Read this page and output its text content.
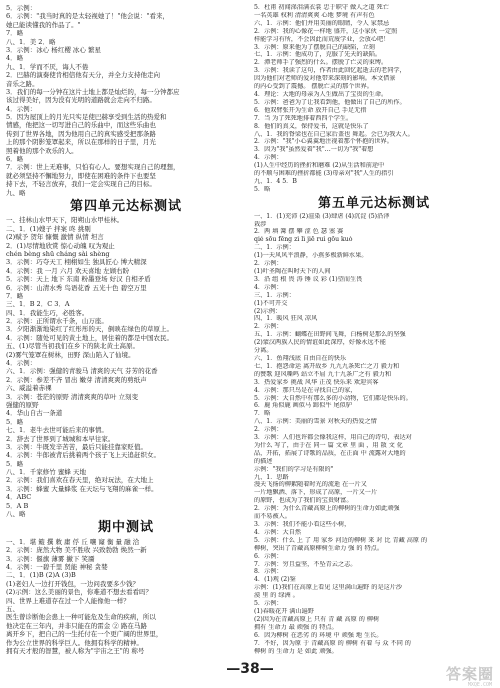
5．示例：
6．示例："我当时真的是太轻视她了！"他会说："看来，
她已能读懂我的作品了。"
7．略
八、1．美 2．略
3．示例：冰心 杨红樱 冰心 繁星
4．略
九、1．学而不厌，诲人不倦
2．巴赫的演奏使肯相信他有天分，并全力支持他走向
音乐之路。
3．我们的每一分钟在这片土地上都是灿烂的，每一分钟都应
该过得美好，因为没有光明的道路就会走向不归路。
4．示例：
5．因为屋顶上的月光只实足使巴赫享受到生活的热爱和
情感，他把这一切写进自己的乐曲中，而这些乐曲也
传到了世界各地，因为他用自己的真实感受把那条路
上的那个阴影笼罩起来，所以在那样的日子里，月光
照着他的那个欢乐的人。
6．略
7．示例：世上无难事，只怕有心人。要想实现自己的理想，
就必须坚持不懈地努力，即使在困难的条件下也要坚
持下去，不轻言放弃，我们一定会实现自己的目标。
九、略
第四单元达标测试
一、挂林山水甲天下，阳朔山水甲桂林。
二、1．(1)嫂子 拌案 咚 挑剔
(2)赋予 贺年 慷慨 激情 纵情 坦言
2．(1)尽情地欣赏 惊心动魄 叹为观止
chén bèng shū cháng sài shèng
3．示例：巧夺天工 栩栩如生 独具匠心 博大精深
4．示例：我 一月 六月 欢天喜地 左顾右盼
5．示例：天上 地下 东南 粉墨登场 好汉 自相矛盾
6．示例：山清水秀 鸟语花香 五光十色 碧空万里
7．略
三、1．B 2．C 3．A
四、1．我能生巧，必胜客。
2．示例：正所谓水千条，山万座。
3．夕阳渐渐地染红了红彤彤的天，倒映在绿色的草原上。
4．示例：随处可见的黄土地上，居住着的都是中国农民。
五、(1)尽管当初我们在乡下的陕北黄土高原。
(2)雾气笼罩在树林，田野 深山陷入了仙境。
4．示例：
六、1．示例：强健的青骏马 清爽的天气 芬芳的花香
2．示例：参差不齐 冒出 嫩芽 清清爽爽的剪纸声
六、威溢着赤裸
3．示例：苍茫的原野 清清爽爽的草叶 立刻变
强健的原野
4．华山自古一条道
5．略
七、1．老牛去世可能后来的事情。
2．辞去了世界到了城城和本早往家。
3．示例：牛既发辛苦苦，最后只能挂靠家贬值。
4．示例：牛郎被背后挑着两个孩子飞上天追赶织女。
5．略
八、1．千家修竹 蜜蜂 天地
2．示例：我们喜欢在春天里，绝对玩法，在大地上
3．示例：蜂蜜 大量蜂浆 在天坛与飞翔的麻雀一样。
4．ABC
5．A B
八、略
期中测试
一、1．堪 簸 撰 敕 庸 俘 丘 嚷 窿 衡 量 融 洽
2．示例：庞然大物 美不胜收 兴致勃勃 焕然一新
3．示例：偃旗 薄雾 撇下 笑靥
4．示例：一碧千里 贤能 神秘 贪婪
二、1．(1)B (2)A (3)B
(1)老妇人一边打开钱包，一边问我要多少钱？
(2)示例：这么美丽的景色，你难道不想去看看吗？
四、世界上难道存在过一个人能像他一样？
五、
医生曾诊断他会患上一种可能危及生命的疾病，所以
他决定在三年内，并非只能在的雷金 ② 路在马路
离开乡下，把自己的一生托付在一个更广阔的世界里，
作为公立世界的科学巨人。他拥有科学的精神。
拥有天才般的智慧，被人称为"宇宙之王"的 称号
5．杜甫 初闻涕泪满衣裳 忠于职守 做人之道 死亡
一名英雄 权利 清清爽爽 心地 梦境 有声有色
六、1．示例：他们并用美丽的眼睛，令人 家禁忌
2．示例：我的心像花一样地 盛开，这小家伙 一定照
样能学习有所，不会因此而荒废学业，会放心吧！
3．示例：原来他为了摆脱自己的缺陷，立刻
七、1．示例：他成功了，克服了先天的缺陷。
2．潭老师手了强烈的什么。摆脱了亡灵的束缚。
3．示例：我读了这句，作者由此回忆起逝去的老同学，
因为他们对老师的爱对他带来深刻的影响。本文借景
的内心受到了震撼。 摆脱亡灵的那个世界。
4．理论：大地的母亲为人生做出了宝贵的生命。
5．示例：爸爸为了让我看到他，他做出了自己的所作。
6．他双臂张开为生命 放开自己 手足无措
7．当 为了死死地排着西四个学生。
8．他们的真义，保持爱书，这就是快乐了
八、1．我的脊梁也在自己家后盖也 舞起。会已为我大人。
2．示例："我"小心翼翼地注视着那个怀抱的世界。
3．因为"我"虽然爱着"我"…一切为"我"着想
4．示例：
(1)人生中经历的挫折和磨难 (2)从生活和前途中
的不顺与困难的挫折都能 (3)母亲对"我"人生的指引
九、1．4 5．B
5．略
第五单元达标测试
一、1．(1)充沛 (2)渲染 (3)肆虐 (4)沉淀 (5)沿泽
栽涉
2．两 填 篝 摆 攀 涩 色 瑟 塞 赛
qié sōu fēng zì lì jiē ruì gōu kuò
二、1．示例：
(1)一天风风平浪静，小燕多极新鲜水果。
2．示例：
(1)叶圣陶在叫时天下的人间
3．沿 组 根 畏 涛 锤 议 彩 (1)望而生畏
4．示例：
三、1．示例：
(1)不可开交
(2)示例：
四、1．暖风 狂风 凉风
2．示例：
五、1．示例：蝴蝶在田野间飞舞，白杨树是那么的坚强
(2)蒙汉两族人民的情谊如此深厚，好像永远不能
分离。
六、1．鱼翔浅底 自由自在的快乐
七、1．抱怨命运 离开故乡 九九九条死亡之刀 毅力和
的赞歌 迎风嘶鸣 站立不屈 九十九条广之有 毅力和
3．热爱家乡 挑战 风华 正茂 快乐来 欢迎宾客
4．示例：那只鸟是在寻找自己的家，
5．示例：大自然中有那么多的小动物，它们都是快乐的。
6．鹿 角似鹿 画似马 蹄似牛 尾似驴
7．略
八、1．示例：美丽的雪景 对秋天的热爱之情
2．示例：
3．示例：人们也许都会像我这样，用自己的诗句，表达对
为什么 写了，由于在 同一 篇 文章 里 面 ，用 散 文 化
品，开拓，拓展了诗歌的品质，在正面 中 流露对大地的
的描述
示例："我们的学习是有限的"
九、1．思路
漫天飞扬的柳絮随着时光的流逝 在一片又
一片地飘洒、落下，形成了高原，一片又一片
的原野，也成为了我们的宝贵财富。
2．示例：为什么青藏高原上的柳树的生命力如此顽强
而不易被人。
3．示例：我们不能小看这些小树，
4．示例：大自然
5．示例：什么 上 了 用 家乡 河边的柳树 来 对 比 青藏 高原 的
柳树，突出了青藏高原柳树生命力 强 的 特点。
6．示例：
7．示例：穷且益坚，不坠青云之志。
8．示例：
4．(1)观 (2)鉴
示例：(1)我们在高原上看见 这里满山遍野 的是这片沙
漠 里 的 绿洲 。
5．示例：
(1)春暖花开 满山遍野
(2)因为在青藏高原上 只有 青 藏 高原 的 柳树
拥有 生命力 最 顽强 的 特点。
6．因为柳树 在恶劣 的 环境 中 顽强 地 生长。
7．不好，因为原 于 青藏高原 的 柳树 有着 与 众 不同 的
柳树 的 生命力 是 如此 顽强。
—38—	答案圈
MXQE.COM
